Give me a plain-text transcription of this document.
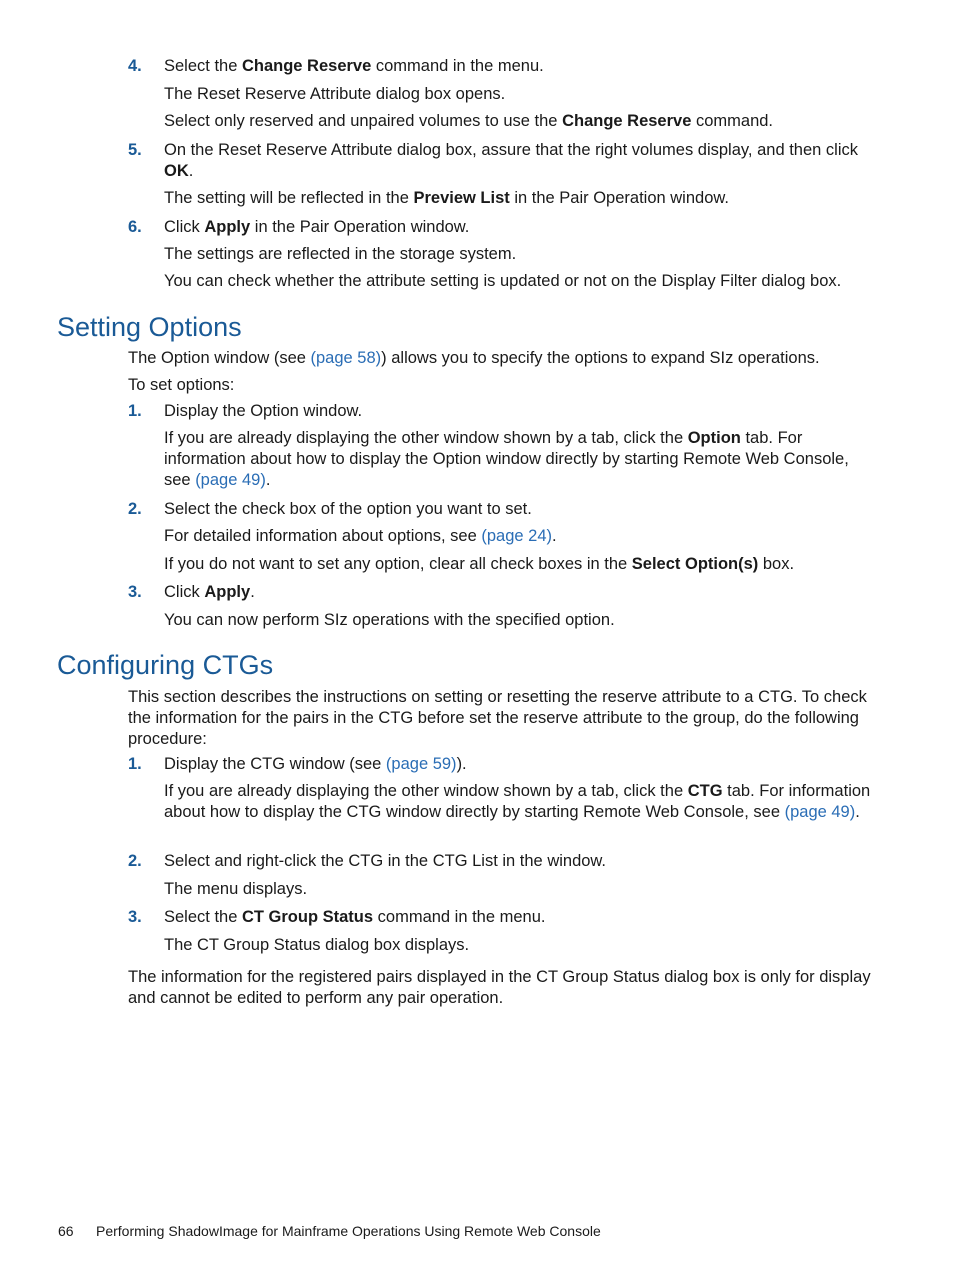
4. Select the Change Reserve command in the menu.

The Reset Reserve Attribute dialog box opens.

Select only reserved and unpaired volumes to use the Change Reserve command.

5. On the Reset Reserve Attribute dialog box, assure that the right volumes display, and then click OK.

The setting will be reflected in the Preview List in the Pair Operation window.

6. Click Apply in the Pair Operation window.

The settings are reflected in the storage system.

You can check whether the attribute setting is updated or not on the Display Filter dialog box.

Setting Options

The Option window (see (page 58)) allows you to specify the options to expand SIz operations.

To set options:

1. Display the Option window.

If you are already displaying the other window shown by a tab, click the Option tab. For information about how to display the Option window directly by starting Remote Web Console, see (page 49).

2. Select the check box of the option you want to set.

For detailed information about options, see (page 24).

If you do not want to set any option, clear all check boxes in the Select Option(s) box.

3. Click Apply.

You can now perform SIz operations with the specified option.

Configuring CTGs

This section describes the instructions on setting or resetting the reserve attribute to a CTG. To check the information for the pairs in the CTG before set the reserve attribute to the group, do the following procedure:

1. Display the CTG window (see (page 59)).

If you are already displaying the other window shown by a tab, click the CTG tab. For information about how to display the CTG window directly by starting Remote Web Console, see (page 49).

2. Select and right-click the CTG in the CTG List in the window.

The menu displays.

3. Select the CT Group Status command in the menu.

The CT Group Status dialog box displays.

The information for the registered pairs displayed in the CT Group Status dialog box is only for display and cannot be edited to perform any pair operation.

66 Performing ShadowImage for Mainframe Operations Using Remote Web Console
